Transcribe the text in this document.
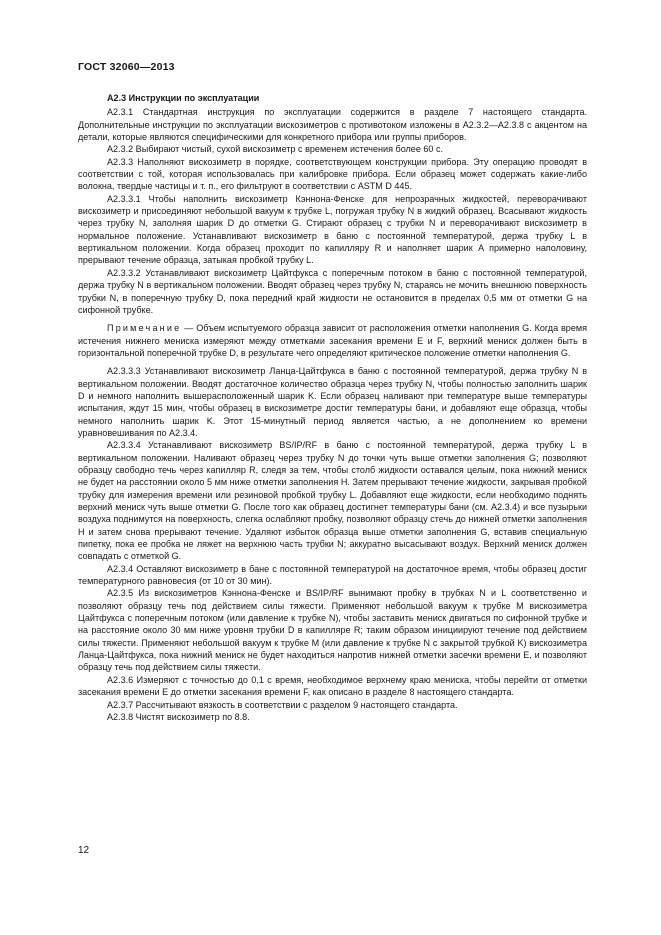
ГОСТ 32060—2013

A2.3 Инструкции по эксплуатации

A2.3.1 Стандартная инструкция по эксплуатации содержится в разделе 7 настоящего стандарта. Дополнительные инструкции по эксплуатации вискозиметров с противотоком изложены в A2.3.2—A2.3.8 с акцентом на детали, которые являются специфическими для конкретного прибора или группы приборов.

A2.3.2 Выбирают чистый, сухой вискозиметр с временем истечения более 60 с.

A2.3.3 Наполняют вискозиметр в порядке, соответствующем конструкции прибора. Эту операцию проводят в соответствии с той, которая использовалась при калибровке прибора. Если образец может содержать какие-либо волокна, твердые частицы и т. п., его фильтруют в соответствии с ASTM D 445.

A2.3.3.1 Чтобы наполнить вискозиметр Кэннона-Фенске для непрозрачных жидкостей, переворачивают вискозиметр и присоединяют небольшой вакуум к трубке L, погружая трубку N в жидкий образец. Всасывают жидкость через трубку N, заполняя шарик D до отметки G. Стирают образец с трубки N и переворачивают вискозиметр в нормальное положение. Устанавливают вискозиметр в баню с постоянной температурой, держа трубку L в вертикальном положении. Когда образец проходит по капилляру R и наполняет шарик A примерно наполовину, прерывают течение образца, затыкая пробкой трубку L.

A2.3.3.2 Устанавливают вискозиметр Цайтфукса с поперечным потоком в баню с постоянной температурой, держа трубку N в вертикальном положении. Вводят образец через трубку N, стараясь не мочить внешнюю поверхность трубки N, в поперечную трубку D, пока передний край жидкости не остановится в пределах 0,5 мм от отметки G на сифонной трубке.

Примечание — Объем испытуемого образца зависит от расположения отметки наполнения G. Когда время истечения нижнего мениска измеряют между отметками засекания времени E и F, верхний мениск должен быть в горизонтальной поперечной трубке D, в результате чего определяют критическое положение отметки наполнения G.

A2.3.3.3 Устанавливают вискозиметр Ланца-Цайтфукса в баню с постоянной температурой, держа трубку N в вертикальном положении. Вводят достаточное количество образца через трубку N, чтобы полностью заполнить шарик D и немного наполнить вышерасположенный шарик K. Если образец наливают при температуре выше температуры испытания, ждут 15 мин, чтобы образец в вискозиметре достиг температуры бани, и добавляют еще образца, чтобы немного наполнить шарик K. Этот 15-минутный период является частью, а не дополнением ко времени уравновешивания по A2.3.4.

A2.3.3.4 Устанавливают вискозиметр BS/IP/RF в баню с постоянной температурой, держа трубку L в вертикальном положении. Наливают образец через трубку N до точки чуть выше отметки заполнения G; позволяют образцу свободно течь через капилляр R, следя за тем, чтобы столб жидкости оставался целым, пока нижний мениск не будет на расстоянии около 5 мм ниже отметки заполнения H. Затем прерывают течение жидкости, закрывая пробкой трубку для измерения времени или резиновой пробкой трубку L. Добавляют еще жидкости, если необходимо поднять верхний мениск чуть выше отметки G. После того как образец достигнет температуры бани (см. A2.3.4) и все пузырьки воздуха поднимутся на поверхность, слегка ослабляют пробку, позволяют образцу стечь до нижней отметки заполнения H и затем снова прерывают течение. Удаляют избыток образца выше отметки заполнения G, вставив специальную пипетку, пока ее пробка не ляжет на верхнюю часть трубки N; аккуратно высасывают воздух. Верхний мениск должен совпадать с отметкой G.

A2.3.4 Оставляют вискозиметр в бане с постоянной температурой на достаточное время, чтобы образец достиг температурного равновесия (от 10 от 30 мин).

A2.3.5 Из вискозиметров Кэннона-Фенске и BS/IP/RF вынимают пробку в трубках N и L соответственно и позволяют образцу течь под действием силы тяжести. Применяют небольшой вакуум к трубке M вискозиметра Цайтфукса с поперечным потоком (или давление к трубке N), чтобы заставить мениск двигаться по сифонной трубке и на расстояние около 30 мм ниже уровня трубки D в капилляре R; таким образом инициируют течение под действием силы тяжести. Применяют небольшой вакуум к трубке M (или давление к трубке N с закрытой трубкой K) вискозиметра Ланца-Цайтфукса, пока нижний мениск не будет находиться напротив нижней отметки засечки времени E, и позволяют образцу течь под действием силы тяжести.

A2.3.6 Измеряют с точностью до 0,1 с время, необходимое верхнему краю мениска, чтобы перейти от отметки засекания времени E до отметки засекания времени F, как описано в разделе 8 настоящего стандарта.

A2.3.7 Рассчитывают вязкость в соответствии с разделом 9 настоящего стандарта.

A2.3.8 Чистят вискозиметр по 8.8.

12
